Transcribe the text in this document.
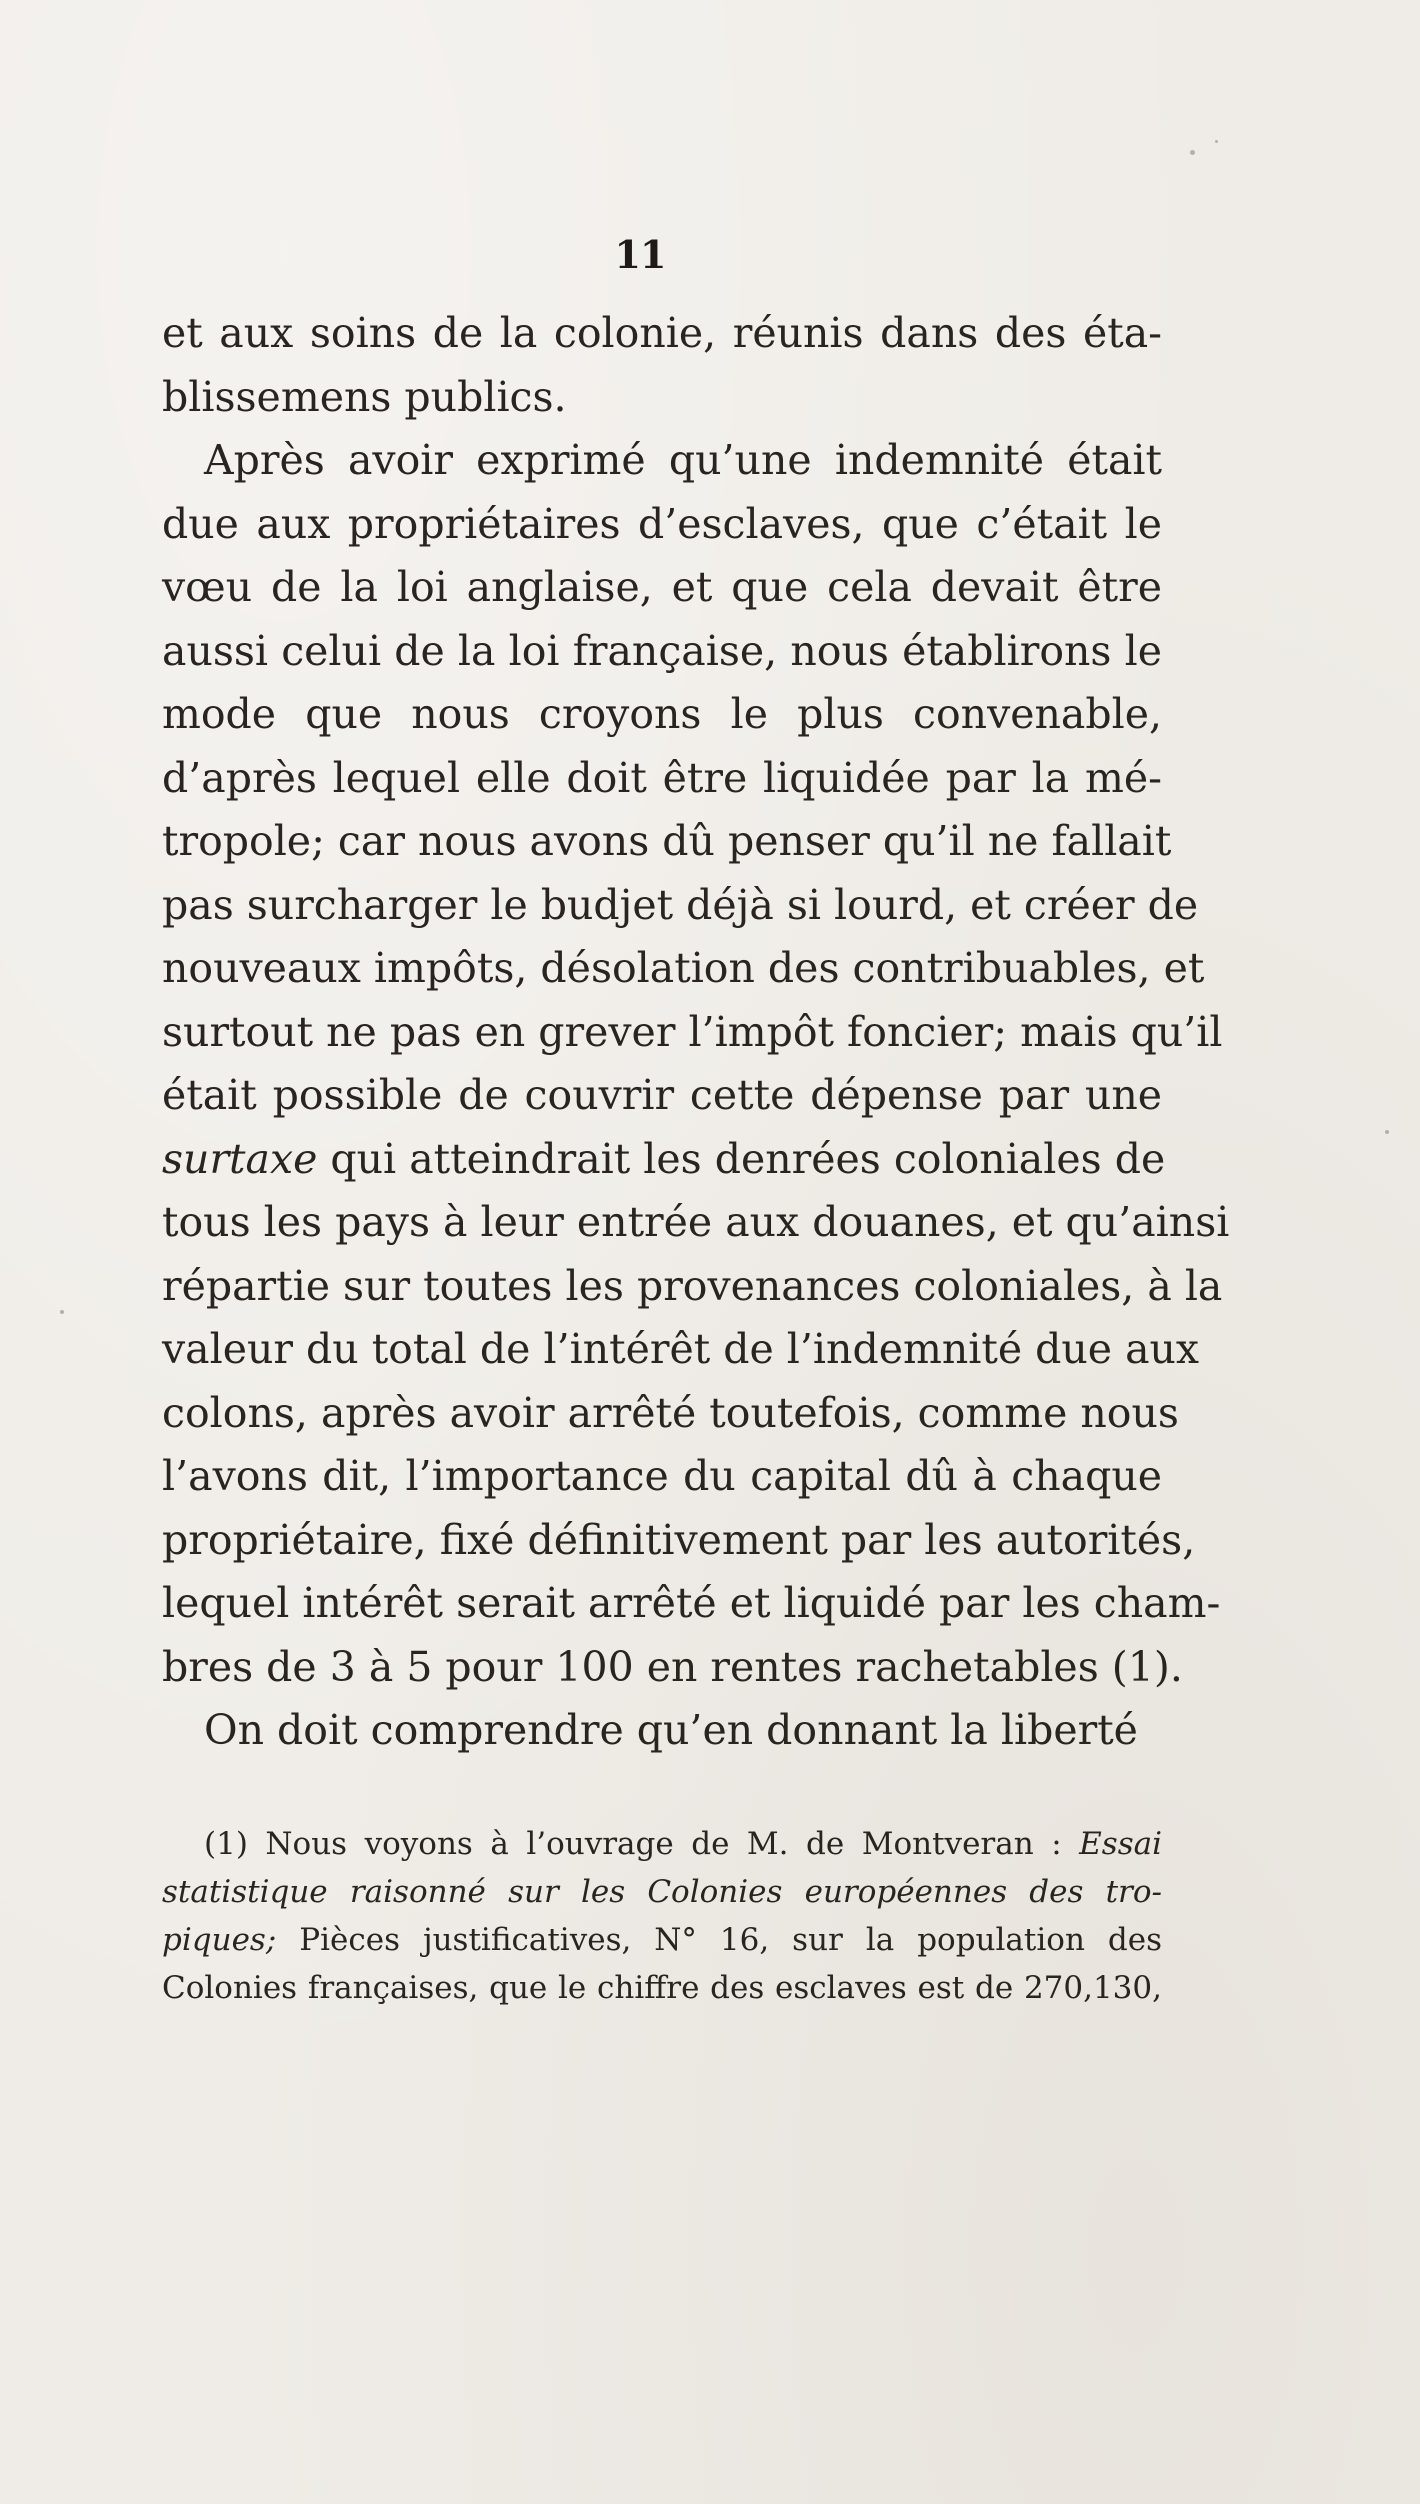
11
et aux soins de la colonie, réunis dans des éta-
blissemens publics.
Après avoir exprimé qu’une indemnité était
due aux propriétaires d’esclaves, que c’était le
vœu de la loi anglaise, et que cela devait être
aussi celui de la loi française, nous établirons le
mode que nous croyons le plus convenable,
d’après lequel elle doit être liquidée par la mé-
tropole; car nous avons dû penser qu’il ne fallait
pas surcharger le budjet déjà si lourd, et créer de
nouveaux impôts, désolation des contribuables, et
surtout ne pas en grever l’impôt foncier; mais qu’il
était possible de couvrir cette dépense par une
surtaxe qui atteindrait les denrées coloniales de
tous les pays à leur entrée aux douanes, et qu’ainsi
répartie sur toutes les provenances coloniales, à la
valeur du total de l’intérêt de l’indemnité due aux
colons, après avoir arrêté toutefois, comme nous
l’avons dit, l’importance du capital dû à chaque
propriétaire, fixé définitivement par les autorités,
lequel intérêt serait arrêté et liquidé par les cham-
bres de 3 à 5 pour 100 en rentes rachetables (1).
On doit comprendre qu’en donnant la liberté
(1) Nous voyons à l’ouvrage de M. de Montveran : Essai
statistique raisonné sur les Colonies européennes des tro-
piques; Pièces justificatives, N° 16, sur la population des
Colonies françaises, que le chiffre des esclaves est de 270,130,
